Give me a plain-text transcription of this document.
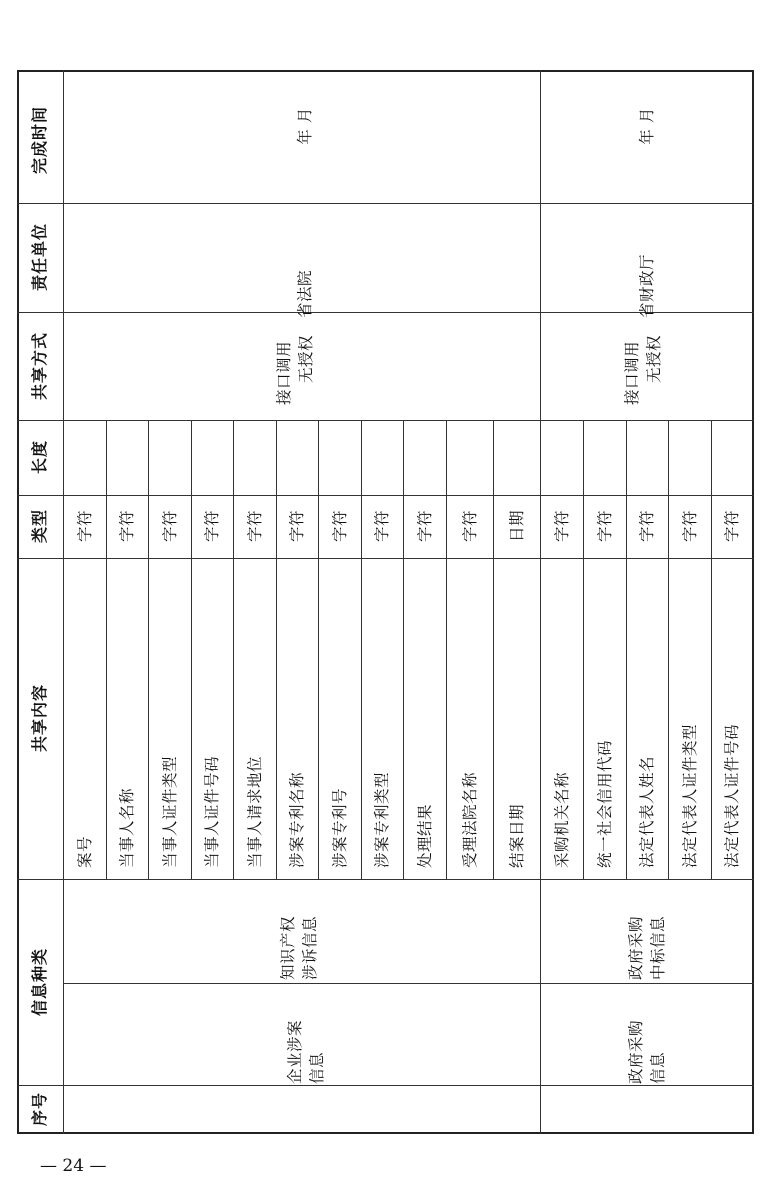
完成时间
责任单位
共享方式
长度
类型
共享内容
信息种类
序号
年 月
省法院
接口调用 无授权
知识产权 涉诉信息
企业涉案 信息
年 月
省财政厅
接口调用 无授权
政府采购 中标信息
政府采购 信息
案号
字符
当事人名称
字符
当事人证件类型
字符
当事人证件号码
字符
当事人请求地位
字符
涉案专利名称
字符
涉案专利号
字符
涉案专利类型
字符
处理结果
字符
受理法院名称
字符
结案日期
日期
采购机关名称
字符
统一社会信用代码
字符
法定代表人姓名
字符
法定代表人证件类型
字符
法定代表人证件号码
字符
— 24 —
